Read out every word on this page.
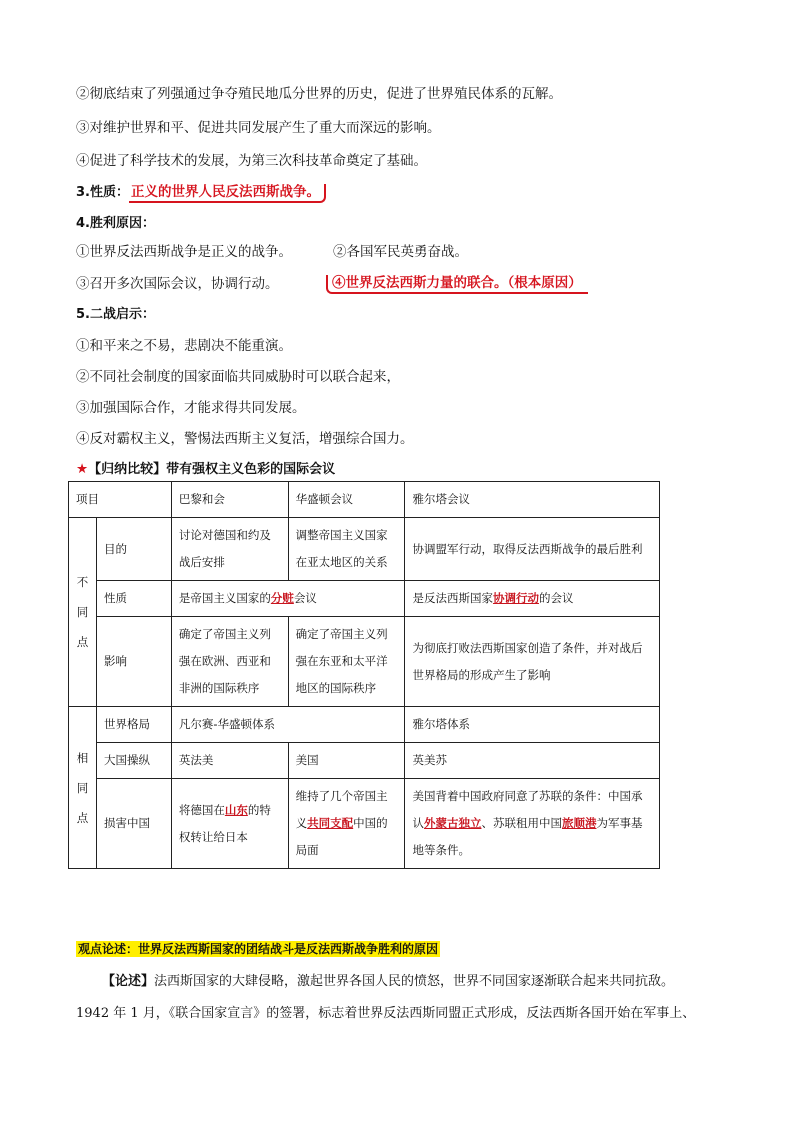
②彻底结束了列强通过争夺殖民地瓜分世界的历史，促进了世界殖民体系的瓦解。
③对维护世界和平、促进共同发展产生了重大而深远的影响。
④促进了科学技术的发展，为第三次科技革命奠定了基础。
3.性质： 正义的世界人民反法西斯战争。
4.胜利原因：
①世界反法西斯战争是正义的战争。	②各国军民英勇奋战。
③召开多次国际会议，协调行动。	④世界反法西斯力量的联合。（根本原因）
5.二战启示：
①和平来之不易，悲剧决不能重演。
②不同社会制度的国家面临共同威胁时可以联合起来，
③加强国际合作，才能求得共同发展。
④反对霸权主义，警惕法西斯主义复活，增强综合国力。
★【归纳比较】带有强权主义色彩的国际会议
项目		巴黎和会	华盛顿会议	雅尔塔会议
不同点	目的	讨论对德国和约及战后安排	调整帝国主义国家在亚太地区的关系	协调盟军行动，取得反法西斯战争的最后胜利
	性质	是帝国主义国家的分赃会议		是反法西斯国家协调行动的会议
	影响	确定了帝国主义列强在欧洲、西亚和非洲的国际秩序	确定了帝国主义列强在东亚和太平洋地区的国际秩序	为彻底打败法西斯国家创造了条件，并对战后世界格局的形成产生了影响
相同点	世界格局	凡尔赛-华盛顿体系		雅尔塔体系
	大国操纵	英法美	美国	英美苏
	损害中国	将德国在山东的特权转让给日本	维持了几个帝国主义共同支配中国的局面	美国背着中国政府同意了苏联的条件：中国承认外蒙古独立、苏联租用中国旅顺港为军事基地等条件。
观点论述：世界反法西斯国家的团结战斗是反法西斯战争胜利的原因
【论述】法西斯国家的大肆侵略，激起世界各国人民的愤怒，世界不同国家逐渐联合起来共同抗敌。
1942 年 1 月，《联合国家宣言》的签署，标志着世界反法西斯同盟正式形成，反法西斯各国开始在军事上、
